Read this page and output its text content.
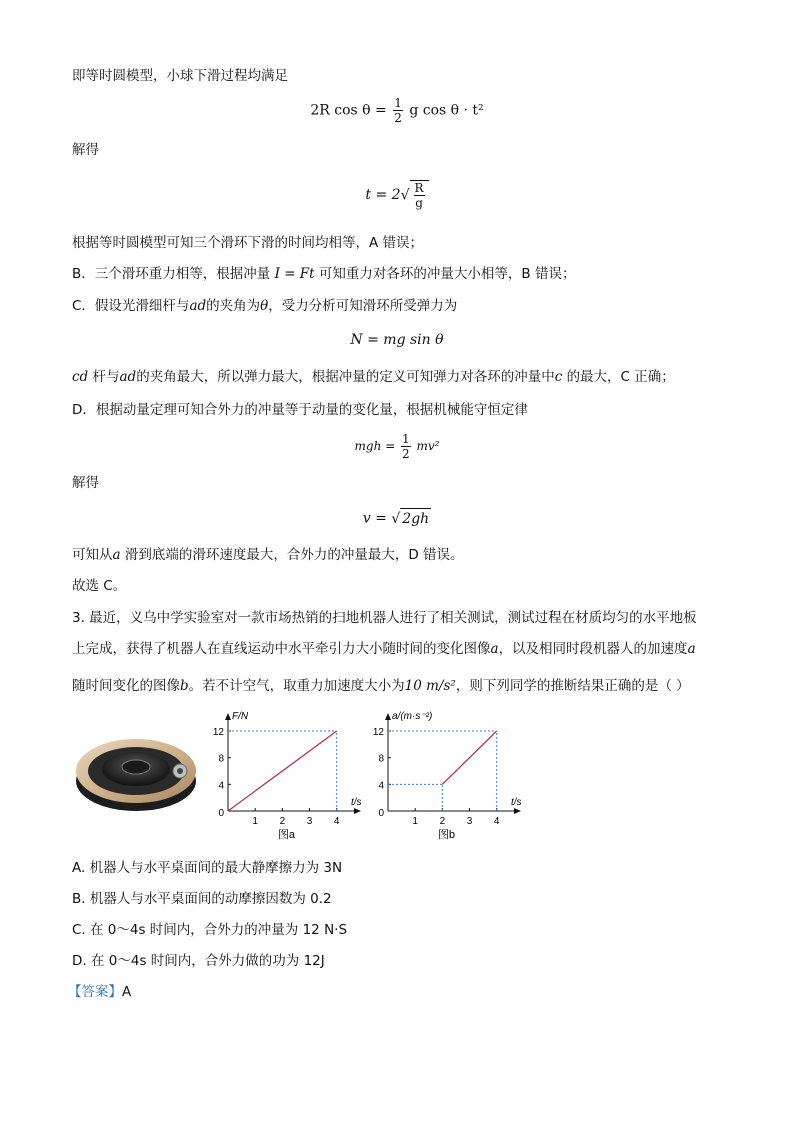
即等时圆模型，小球下滑过程均满足
2R $\cos \theta = \frac{1}{2}$ g cos θ · t²
解得
$t = 2√ \frac{R}{g}$
根据等时圆模型可知三个滑环下滑的时间均相等，A 错误；
B．三个滑环重力相等，根据冲量 I = Ft 可知重力对各环的冲量大小相等，B 错误；
C．假设光滑细杆与ad的夹角为θ，受力分析可知滑环所受弹力为
N = mg sin θ
cd 杆与ad的夹角最大，所以弹力最大，根据冲量的定义可知弹力对各环的冲量中c 的最大，C 正确；
D．根据动量定理可知合外力的冲量等于动量的变化量，根据机械能守恒定律
mgh = $\frac{1}{2} mv^2$
解得
v = √ 2gh
可知从a 滑到底端的滑环速度最大，合外力的冲量最大，D 错误。
故选 C。
3. 最近，义乌中学实验室对一款市场热销的扫地机器人进行了相关测试，测试过程在材质均匀的水平地板
上完成，获得了机器人在直线运动中水平牵引力大小随时间的变化图像a，以及相同时段机器人的加速度a
随时间变化的图像b。若不计空气，取重力加速度大小为10 m/s²，则下列同学的推断结果正确的是（ ）
1 2 3 4
4
8
12
0
t/s
F/N
图a
1 2 3 4
4
8
12
0
t/s
a/(m·s⁻²)
图b
A. 机器人与水平桌面间的最大静摩擦力为 3N
B. 机器人与水平桌面间的动摩擦因数为 0.2
C. 在 0～4s 时间内，合外力的冲量为 12 N·S
D. 在 0～4s 时间内，合外力做的功为 12J
【答案】A
